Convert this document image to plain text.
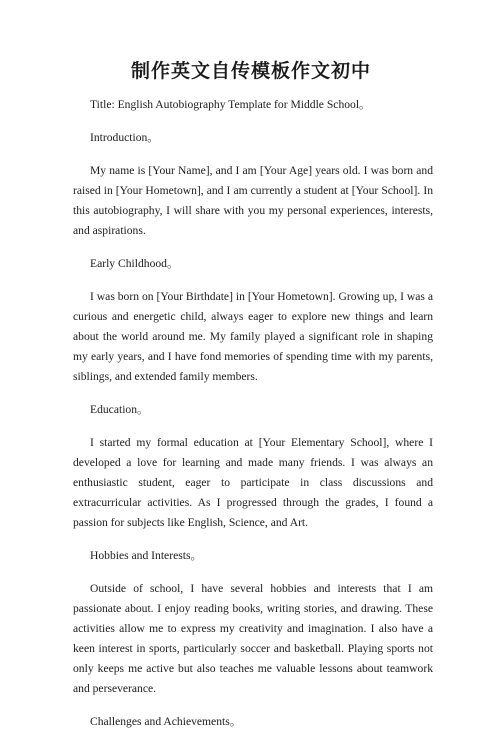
制作英文自传模板作文初中

Title: English Autobiography Template for Middle School。

Introduction。

My name is [Your Name], and I am [Your Age] years old. I was born and raised in [Your Hometown], and I am currently a student at [Your School]. In this autobiography, I will share with you my personal experiences, interests, and aspirations.

Early Childhood。

I was born on [Your Birthdate] in [Your Hometown]. Growing up, I was a curious and energetic child, always eager to explore new things and learn about the world around me. My family played a significant role in shaping my early years, and I have fond memories of spending time with my parents, siblings, and extended family members.

Education。

I started my formal education at [Your Elementary School], where I developed a love for learning and made many friends. I was always an enthusiastic student, eager to participate in class discussions and extracurricular activities. As I progressed through the grades, I found a passion for subjects like English, Science, and Art.

Hobbies and Interests。

Outside of school, I have several hobbies and interests that I am passionate about. I enjoy reading books, writing stories, and drawing. These activities allow me to express my creativity and imagination. I also have a keen interest in sports, particularly soccer and basketball. Playing sports not only keeps me active but also teaches me valuable lessons about teamwork and perseverance.

Challenges and Achievements。
